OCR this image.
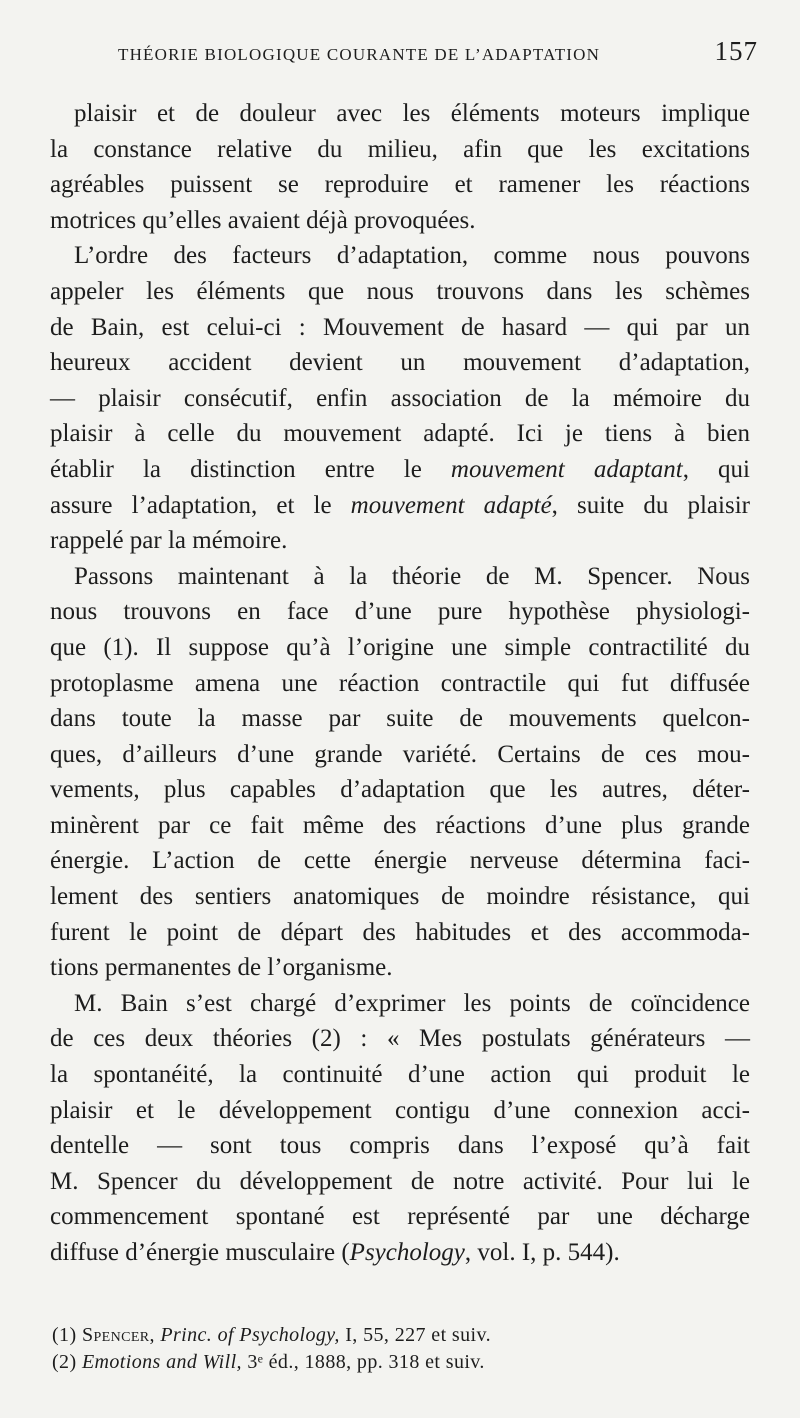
THÉORIE BIOLOGIQUE COURANTE DE L’ADAPTATION	157
plaisir et de douleur avec les éléments moteurs implique
la constance relative du milieu, afin que les excitations
agréables puissent se reproduire et ramener les réactions
motrices qu’elles avaient déjà provoquées.
L’ordre des facteurs d’adaptation, comme nous pouvons
appeler les éléments que nous trouvons dans les schèmes
de Bain, est celui-ci : Mouvement de hasard — qui par un
heureux accident devient un mouvement d’adaptation,
— plaisir consécutif, enfin association de la mémoire du
plaisir à celle du mouvement adapté. Ici je tiens à bien
établir la distinction entre le mouvement adaptant, qui
assure l’adaptation, et le mouvement adapté, suite du plaisir
rappelé par la mémoire.
Passons maintenant à la théorie de M. Spencer. Nous
nous trouvons en face d’une pure hypothèse physiologi-
que (1). Il suppose qu’à l’origine une simple contractilité du
protoplasme amena une réaction contractile qui fut diffusée
dans toute la masse par suite de mouvements quelcon-
ques, d’ailleurs d’une grande variété. Certains de ces mou-
vements, plus capables d’adaptation que les autres, déter-
minèrent par ce fait même des réactions d’une plus grande
énergie. L’action de cette énergie nerveuse détermina faci-
lement des sentiers anatomiques de moindre résistance, qui
furent le point de départ des habitudes et des accommoda-
tions permanentes de l’organisme.
M. Bain s’est chargé d’exprimer les points de coïncidence
de ces deux théories (2) : « Mes postulats générateurs —
la spontanéité, la continuité d’une action qui produit le
plaisir et le développement contigu d’une connexion acci-
dentelle — sont tous compris dans l’exposé qu’à fait
M. Spencer du développement de notre activité. Pour lui le
commencement spontané est représenté par une décharge
diffuse d’énergie musculaire (Psychology, vol. I, p. 544).
(1) Spencer, Princ. of Psychology, I, 55, 227 et suiv.
(2) Emotions and Will, 3ᵉ éd., 1888, pp. 318 et suiv.
